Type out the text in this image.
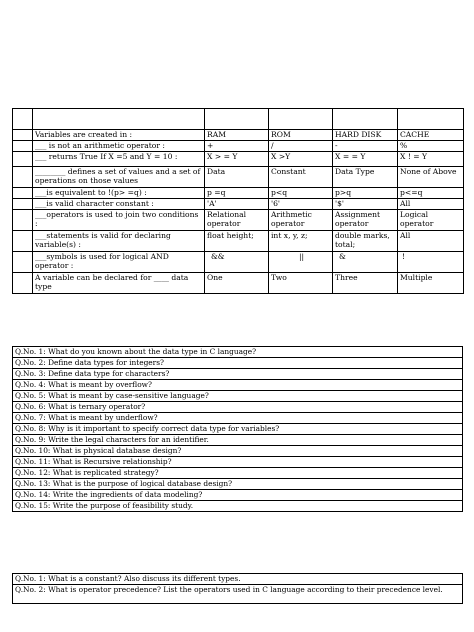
	Variables are created in :	RAM	ROM	HARD DISK	CACHE
	___ is not an arithmetic operator :	+	/	-	%
	___ returns True If X =5 and Y = 10 :	X > = Y	X >Y	X = = Y	X ! = Y
	________ defines a set of values and a set of operations on those values	Data	Constant	Data Type	None of Above
	___is equivalent to !(p> =q) :	p =q	p<q	p>q	p<=q
	___is valid character constant :	'A'	'6'	'$'	All
	___operators is used to join two conditions :	Relational operator	Arithmetic operator	Assignment operator	Logical operator
	___statements is valid for declaring variable(s) :	float height;	int x, y, z;	double marks, total;	All
	___symbols is used for logical AND operator :	&&	||	&	!
	A variable can be declared for ____ data type	One	Two	Three	Multiple
Q.No. 1: What do you known about the data type in C language?
Q.No. 2: Define data types for integers?
Q.No. 3: Define data type for characters?
Q.No. 4: What is meant by overflow?
Q.No. 5: What is meant by case-sensitive language?
Q.No. 6: What is ternary operator?
Q.No. 7: What is meant by underflow?
Q.No. 8: Why is it important to specify correct data type for variables?
Q.No. 9: Write the legal characters for an identifier.
Q.No. 10: What is physical database design?
Q.No. 11: What is Recursive relationship?
Q.No. 12: What is replicated strategy?
Q.No. 13: What is the purpose of logical database design?
Q.No. 14: Write the ingredients of data modeling?
Q.No. 15: Write the purpose of feasibility study.
Q.No. 1: What is a constant? Also discuss its different types.
Q.No. 2: What is operator precedence? List the operators used in C language according to their precedence level.
